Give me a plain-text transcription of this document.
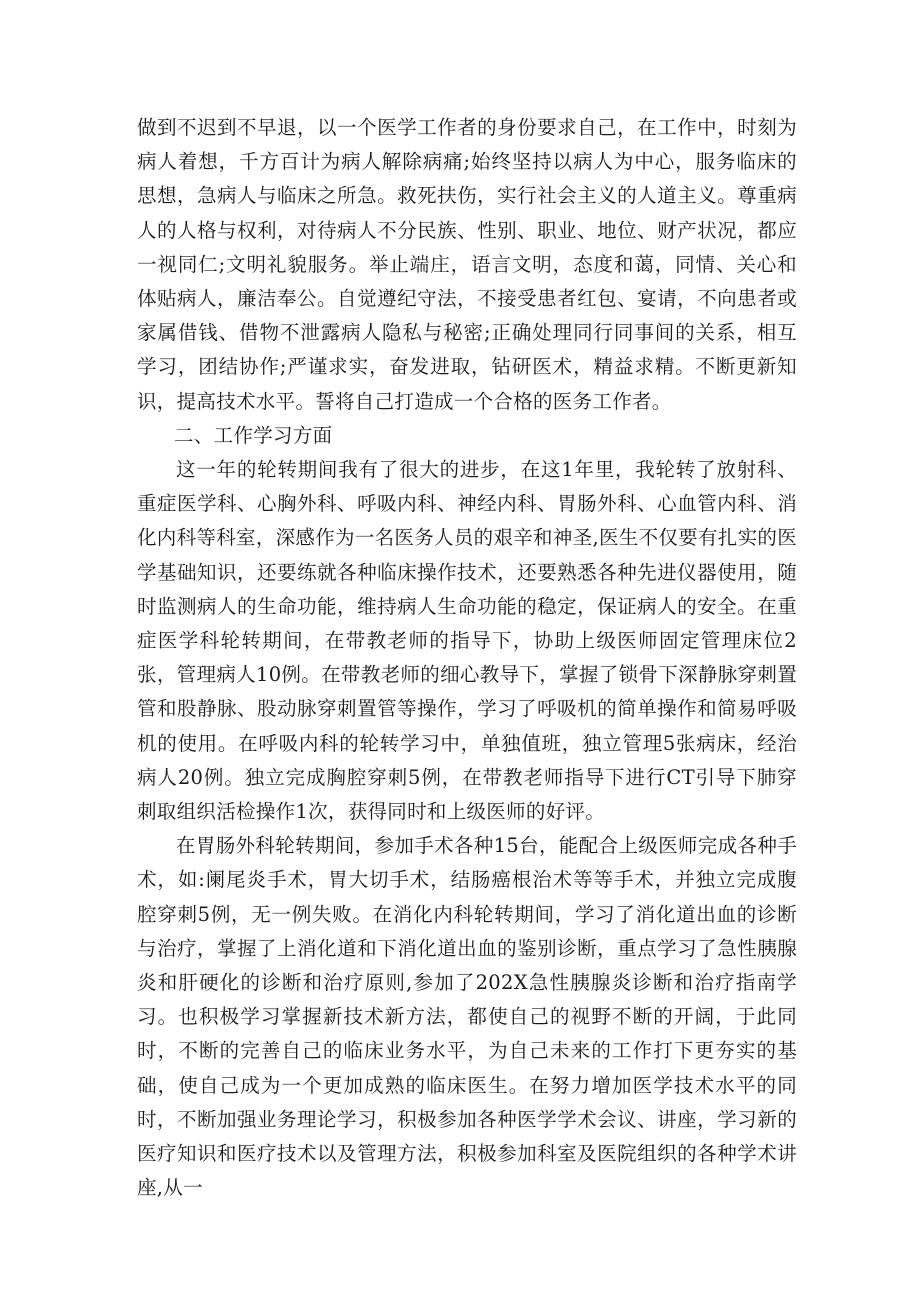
做到不迟到不早退，以一个医学工作者的身份要求自己，在工作中，时刻为病人着想，千方百计为病人解除病痛;始终坚持以病人为中心，服务临床的思想，急病人与临床之所急。救死扶伤，实行社会主义的人道主义。尊重病人的人格与权利，对待病人不分民族、性别、职业、地位、财产状况，都应一视同仁;文明礼貌服务。举止端庄，语言文明，态度和蔼，同情、关心和体贴病人，廉洁奉公。自觉遵纪守法，不接受患者红包、宴请，不向患者或家属借钱、借物不泄露病人隐私与秘密;正确处理同行同事间的关系，相互学习，团结协作;严谨求实，奋发进取，钻研医术，精益求精。不断更新知识，提高技术水平。誓将自己打造成一个合格的医务工作者。

二、工作学习方面

这一年的轮转期间我有了很大的进步，在这1年里，我轮转了放射科、重症医学科、心胸外科、呼吸内科、神经内科、胃肠外科、心血管内科、消化内科等科室，深感作为一名医务人员的艰辛和神圣,医生不仅要有扎实的医学基础知识，还要练就各种临床操作技术，还要熟悉各种先进仪器使用，随时监测病人的生命功能，维持病人生命功能的稳定，保证病人的安全。在重症医学科轮转期间，在带教老师的指导下，协助上级医师固定管理床位2张，管理病人10例。在带教老师的细心教导下，掌握了锁骨下深静脉穿刺置管和股静脉、股动脉穿刺置管等操作，学习了呼吸机的简单操作和简易呼吸机的使用。在呼吸内科的轮转学习中，单独值班，独立管理5张病床，经治病人20例。独立完成胸腔穿刺5例，在带教老师指导下进行CT引导下肺穿刺取组织活检操作1次，获得同时和上级医师的好评。

在胃肠外科轮转期间，参加手术各种15台，能配合上级医师完成各种手术，如:阑尾炎手术，胃大切手术，结肠癌根治术等等手术，并独立完成腹腔穿刺5例，无一例失败。在消化内科轮转期间，学习了消化道出血的诊断与治疗，掌握了上消化道和下消化道出血的鉴别诊断，重点学习了急性胰腺炎和肝硬化的诊断和治疗原则,参加了202X急性胰腺炎诊断和治疗指南学习。也积极学习掌握新技术新方法，都使自己的视野不断的开阔，于此同时，不断的完善自己的临床业务水平，为自己未来的工作打下更夯实的基础，使自己成为一个更加成熟的临床医生。在努力增加医学技术水平的同时，不断加强业务理论学习，积极参加各种医学学术会议、讲座，学习新的医疗知识和医疗技术以及管理方法，积极参加科室及医院组织的各种学术讲座,从一
